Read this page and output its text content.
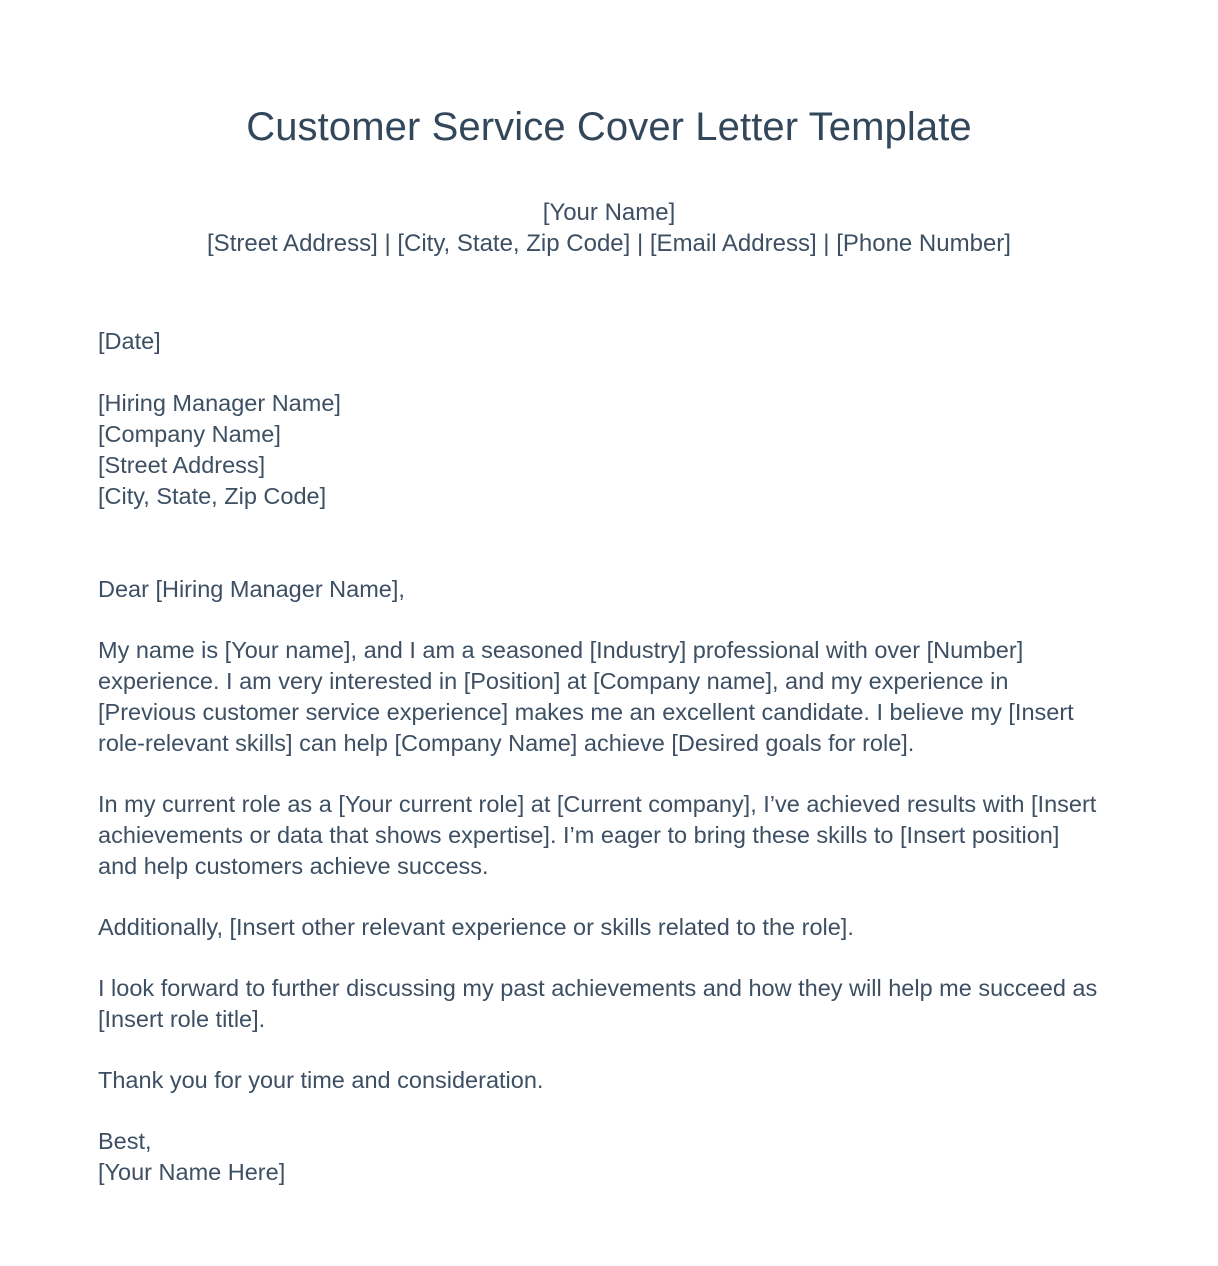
Customer Service Cover Letter Template
[Your Name]
[Street Address] | [City, State, Zip Code] | [Email Address] | [Phone Number]

[Date]

[Hiring Manager Name]
[Company Name]
[Street Address]
[City, State, Zip Code]

Dear [Hiring Manager Name],

My name is [Your name], and I am a seasoned [Industry] professional with over [Number] experience. I am very interested in [Position] at [Company name], and my experience in [Previous customer service experience] makes me an excellent candidate. I believe my [Insert role-relevant skills] can help [Company Name] achieve [Desired goals for role].

In my current role as a [Your current role] at [Current company], I’ve achieved results with [Insert achievements or data that shows expertise]. I’m eager to bring these skills to [Insert position] and help customers achieve success.

Additionally, [Insert other relevant experience or skills related to the role].

I look forward to further discussing my past achievements and how they will help me succeed as [Insert role title].

Thank you for your time and consideration.

Best,
[Your Name Here]
